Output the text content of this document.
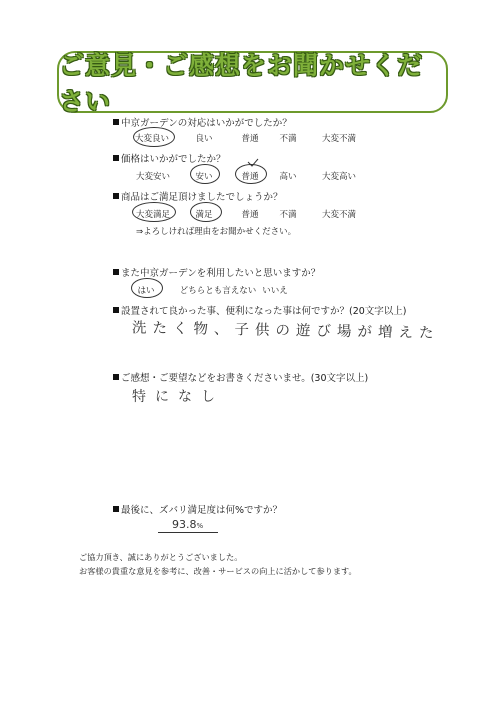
ご意見・ご感想をお聞かせください
中京ガーデンの対応はいかがでしたか？
大変良い	良い	普通 不満	大変不満
価格はいかがでしたか？
大変安い	安い	普通 高い	大変高い
商品はご満足頂けましたでしょうか？
大変満足	満足	普通 不満	大変不満
⇒よろしければ理由をお聞かせください。
また中京ガーデンを利用したいと思いますか？
はい	どちらとも言えない いいえ
設置されて良かった事、便利になった事は何ですか？(20文字以上)
洗たく物、子供の遊び場が増えた
ご感想・ご要望などをお書きくださいませ。(30文字以上)
特になし
最後に、ズバリ満足度は何%ですか？
93.8%
ご協力頂き、誠にありがとうございました。
お客様の貴重な意見を参考に、改善・サービスの向上に活かして参ります。
